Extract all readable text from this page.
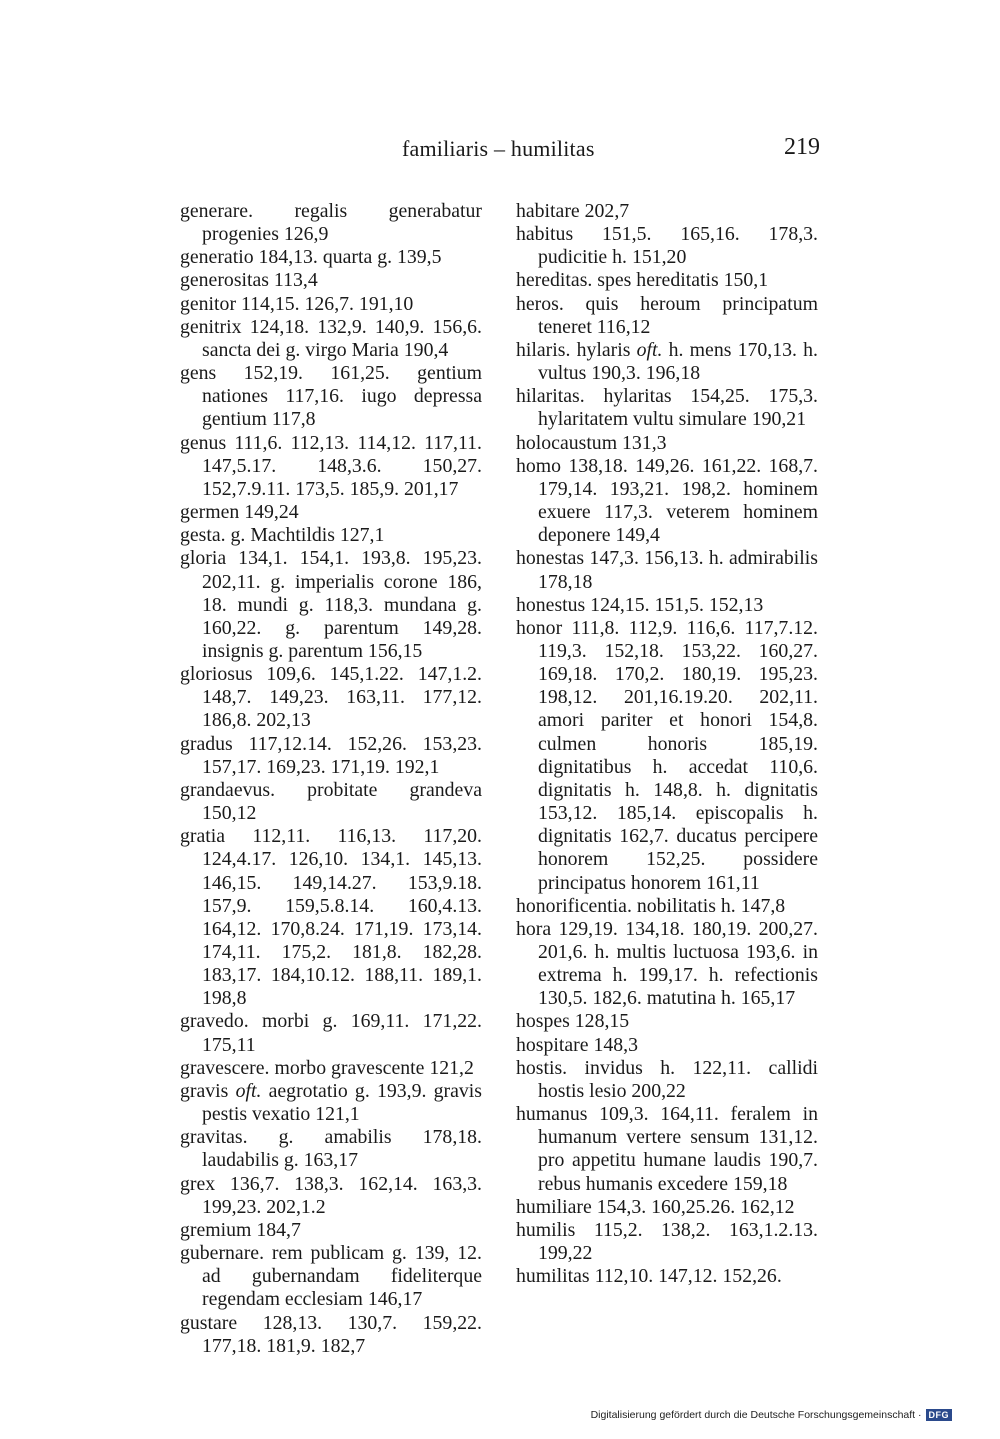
familiaris – humilitas	219
generare. regalis generabatur progenies 126,9
generatio 184,13. quarta g. 139,5
generositas 113,4
genitor 114,15. 126,7. 191,10
genitrix 124,18. 132,9. 140,9. 156,6. sancta dei g. virgo Maria 190,4
gens 152,19. 161,25. gentium nationes 117,16. iugo depressa gentium 117,8
genus 111,6. 112,13. 114,12. 117,11. 147,5.17. 148,3.6. 150,27. 152,7.9.11. 173,5. 185,9. 201,17
germen 149,24
gesta. g. Machtildis 127,1
gloria 134,1. 154,1. 193,8. 195,23. 202,11. g. imperialis corone 186, 18. mundi g. 118,3. mundana g. 160,22. g. parentum 149,28. insignis g. parentum 156,15
gloriosus 109,6. 145,1.22. 147,1.2. 148,7. 149,23. 163,11. 177,12. 186,8. 202,13
gradus 117,12.14. 152,26. 153,23. 157,17. 169,23. 171,19. 192,1
grandaevus. probitate grandeva 150,12
gratia 112,11. 116,13. 117,20. 124,4.17. 126,10. 134,1. 145,13. 146,15. 149,14.27. 153,9.18. 157,9. 159,5.8.14. 160,4.13. 164,12. 170,8.24. 171,19. 173,14. 174,11. 175,2. 181,8. 182,28. 183,17. 184,10.12. 188,11. 189,1. 198,8
gravedo. morbi g. 169,11. 171,22. 175,11
gravescere. morbo gravescente 121,2
gravis oft. aegrotatio g. 193,9. gravis pestis vexatio 121,1
gravitas. g. amabilis 178,18. laudabilis g. 163,17
grex 136,7. 138,3. 162,14. 163,3. 199,23. 202,1.2
gremium 184,7
gubernare. rem publicam g. 139, 12. ad gubernandam fideliterque regendam ecclesiam 146,17
gustare 128,13. 130,7. 159,22. 177,18. 181,9. 182,7
habitare 202,7
habitus 151,5. 165,16. 178,3. pudicitie h. 151,20
hereditas. spes hereditatis 150,1
heros. quis heroum principatum teneret 116,12
hilaris. hylaris oft. h. mens 170,13. h. vultus 190,3. 196,18
hilaritas. hylaritas 154,25. 175,3. hylaritatem vultu simulare 190,21
holocaustum 131,3
homo 138,18. 149,26. 161,22. 168,7. 179,14. 193,21. 198,2. hominem exuere 117,3. veterem hominem deponere 149,4
honestas 147,3. 156,13. h. admirabilis 178,18
honestus 124,15. 151,5. 152,13
honor 111,8. 112,9. 116,6. 117,7.12. 119,3. 152,18. 153,22. 160,27. 169,18. 170,2. 180,19. 195,23. 198,12. 201,16.19.20. 202,11. amori pariter et honori 154,8. culmen honoris 185,19. dignitatibus h. accedat 110,6. dignitatis h. 148,8. h. dignitatis 153,12. 185,14. episcopalis h. dignitatis 162,7. ducatus percipere honorem 152,25. possidere principatus honorem 161,11
honorificentia. nobilitatis h. 147,8
hora 129,19. 134,18. 180,19. 200,27. 201,6. h. multis luctuosa 193,6. in extrema h. 199,17. h. refectionis 130,5. 182,6. matutina h. 165,17
hospes 128,15
hospitare 148,3
hostis. invidus h. 122,11. callidi hostis lesio 200,22
humanus 109,3. 164,11. feralem in humanum vertere sensum 131,12. pro appetitu humane laudis 190,7. rebus humanis excedere 159,18
humiliare 154,3. 160,25.26. 162,12
humilis 115,2. 138,2. 163,1.2.13. 199,22
humilitas 112,10. 147,12. 152,26.
Digitalisierung gefördert durch die Deutsche Forschungsgemeinschaft · DFG
